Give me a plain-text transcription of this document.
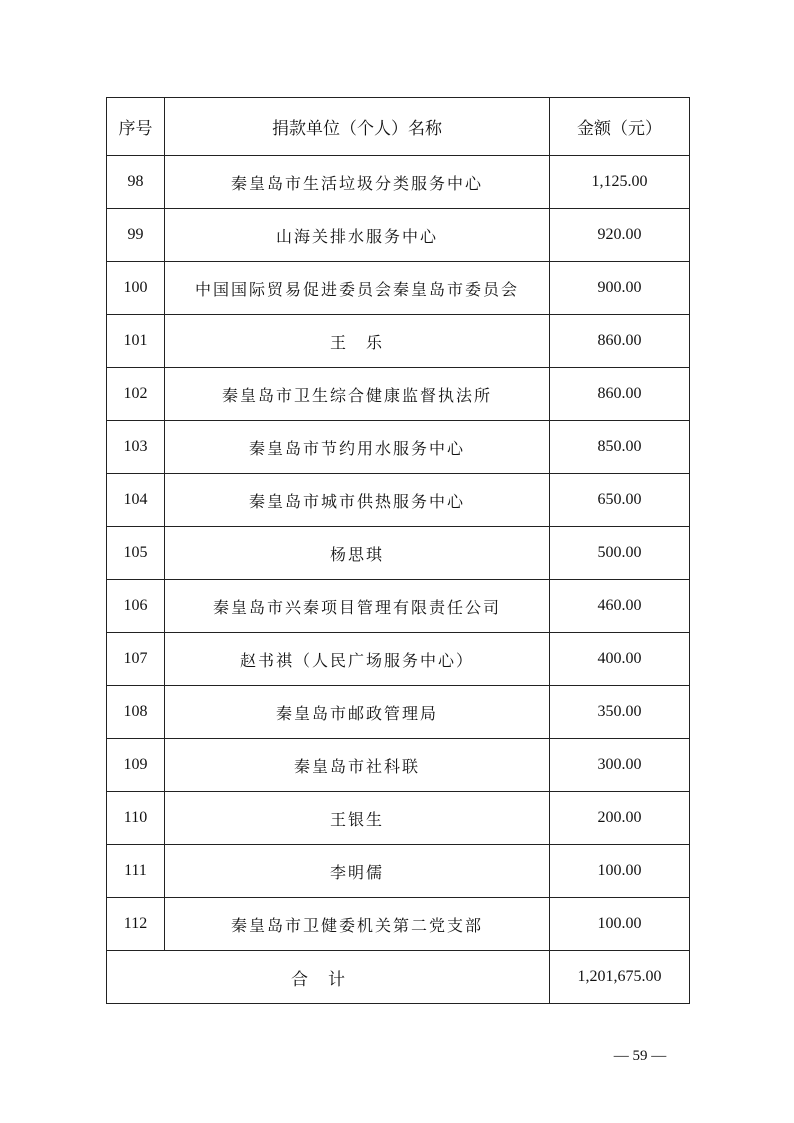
序号	捐款单位（个人）名称	金额（元）
98	秦皇岛市生活垃圾分类服务中心	1,125.00
99	山海关排水服务中心	920.00
100	中国国际贸易促进委员会秦皇岛市委员会	900.00
101	王　乐	860.00
102	秦皇岛市卫生综合健康监督执法所	860.00
103	秦皇岛市节约用水服务中心	850.00
104	秦皇岛市城市供热服务中心	650.00
105	杨思琪	500.00
106	秦皇岛市兴秦项目管理有限责任公司	460.00
107	赵书祺（人民广场服务中心）	400.00
108	秦皇岛市邮政管理局	350.00
109	秦皇岛市社科联	300.00
110	王银生	200.00
111	李明儒	100.00
112	秦皇岛市卫健委机关第二党支部	100.00
合计		1,201,675.00
— 59 —
